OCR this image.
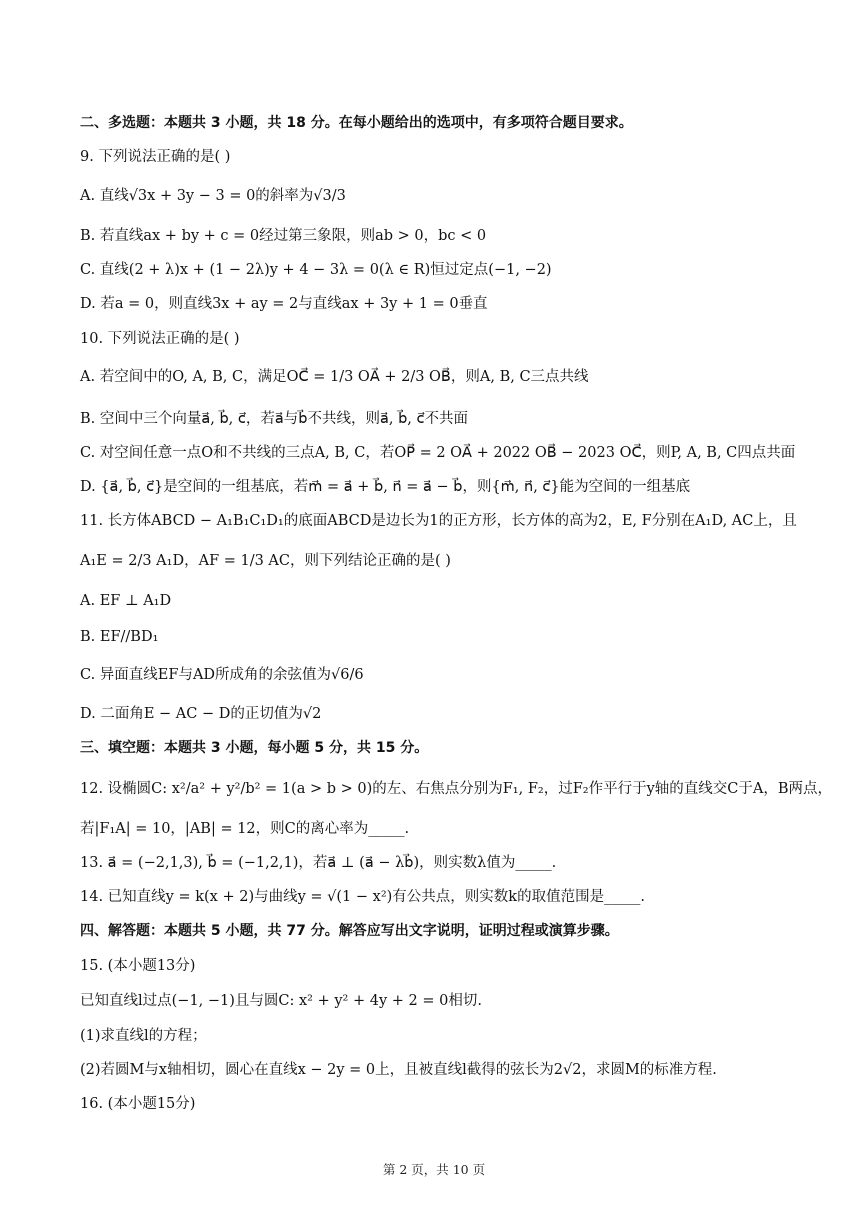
二、多选题：本题共 3 小题，共 18 分。在每小题给出的选项中，有多项符合题目要求。
9. 下列说法正确的是( )
A. 直线√3x + 3y − 3 = 0的斜率为√3/3
B. 若直线ax + by + c = 0经过第三象限，则ab > 0，bc < 0
C. 直线(2 + λ)x + (1 − 2λ)y + 4 − 3λ = 0(λ ∈ R)恒过定点(−1, −2)
D. 若a = 0，则直线3x + ay = 2与直线ax + 3y + 1 = 0垂直
10. 下列说法正确的是( )
A. 若空间中的O, A, B, C，满足OC⃗ = 1/3 OA⃗ + 2/3 OB⃗，则A, B, C三点共线
B. 空间中三个向量a⃗, b⃗, c⃗，若a⃗与b⃗不共线，则a⃗, b⃗, c⃗不共面
C. 对空间任意一点O和不共线的三点A, B, C，若OP⃗ = 2 OA⃗ + 2022 OB⃗ − 2023 OC⃗，则P, A, B, C四点共面
D. {a⃗, b⃗, c⃗}是空间的一组基底，若m⃗ = a⃗ + b⃗, n⃗ = a⃗ − b⃗，则{m⃗, n⃗, c⃗}能为空间的一组基底
11. 长方体ABCD − A₁B₁C₁D₁的底面ABCD是边长为1的正方形，长方体的高为2，E, F分别在A₁D, AC上，且
A₁E = 2/3 A₁D，AF = 1/3 AC，则下列结论正确的是( )
A. EF ⊥ A₁D
B. EF//BD₁
C. 异面直线EF与AD所成角的余弦值为√6/6
D. 二面角E − AC − D的正切值为√2
三、填空题：本题共 3 小题，每小题 5 分，共 15 分。
12. 设椭圆C: x²/a² + y²/b² = 1(a > b > 0)的左、右焦点分别为F₁, F₂，过F₂作平行于y轴的直线交C于A，B两点，
若|F₁A| = 10，|AB| = 12，则C的离心率为_____.
13. a⃗ = (−2,1,3), b⃗ = (−1,2,1)，若a⃗ ⊥ (a⃗ − λb⃗)，则实数λ值为_____.
14. 已知直线y = k(x + 2)与曲线y = √(1 − x²)有公共点，则实数k的取值范围是_____.
四、解答题：本题共 5 小题，共 77 分。解答应写出文字说明，证明过程或演算步骤。
15. (本小题13分)
已知直线l过点(−1, −1)且与圆C: x² + y² + 4y + 2 = 0相切.
(1)求直线l的方程；
(2)若圆M与x轴相切，圆心在直线x − 2y = 0上，且被直线l截得的弦长为2√2，求圆M的标准方程.
16. (本小题15分)
第 2 页，共 10 页
